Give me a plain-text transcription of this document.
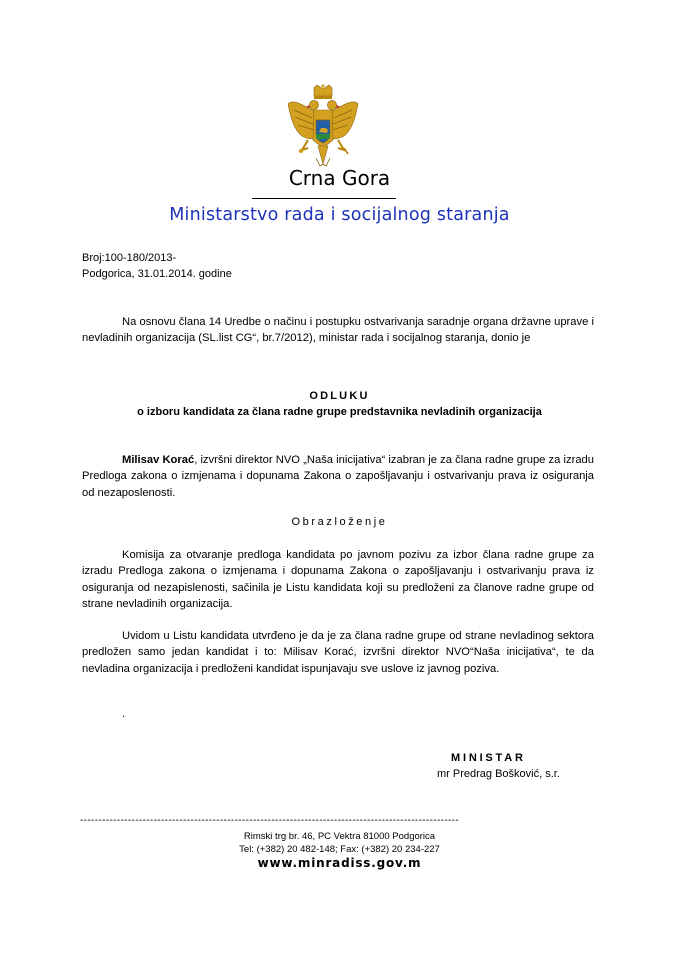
Crna Gora
Ministarstvo rada i socijalnog staranja
Broj:100-180/2013-
Podgorica, 31.01.2014. godine

Na osnovu člana 14 Uredbe o načinu i postupku ostvarivanja saradnje organa državne uprave i nevladinih organizacija (SL.list CG“, br.7/2012), ministar rada i socijalnog staranja, donio je

ODLUKU
o izboru kandidata za člana radne grupe predstavnika nevladinih organizacija

Milisav Korać, izvršni direktor NVO „Naša inicijativa“ izabran je za člana radne grupe za izradu Predloga zakona o izmjenama i dopunama Zakona o zapošljavanju i ostvarivanju prava iz osiguranja od nezaposlenosti.

Obrazloženje

Komisija za otvaranje predloga kandidata po javnom pozivu za izbor člana radne grupe za izradu Predloga zakona o izmjenama i dopunama Zakona o zapošljavanju i ostvarivanju prava iz osiguranja od nezapislenosti, sačinila je Listu kandidata koji su predloženi za članove radne grupe od strane nevladinih organizacija.

Uvidom u Listu kandidata utvrđeno je da je za člana radne grupe od strane nevladinog sektora predložen samo jedan kandidat i to: Milisav Korać, izvršni direktor NVO“Naša inicijativa“, te da nevladina organizacija i predloženi kandidat ispunjavaju sve uslove iz javnog poziva.

.
MINISTAR
mr Predrag Bošković, s.r.
-------------------------------------------------------------------------------------------------------
Rimski trg br. 46, PC Vektra 81000 Podgorica
Tel: (+382) 20 482-148; Fax: (+382) 20 234-227
www.minradiss.gov.m
